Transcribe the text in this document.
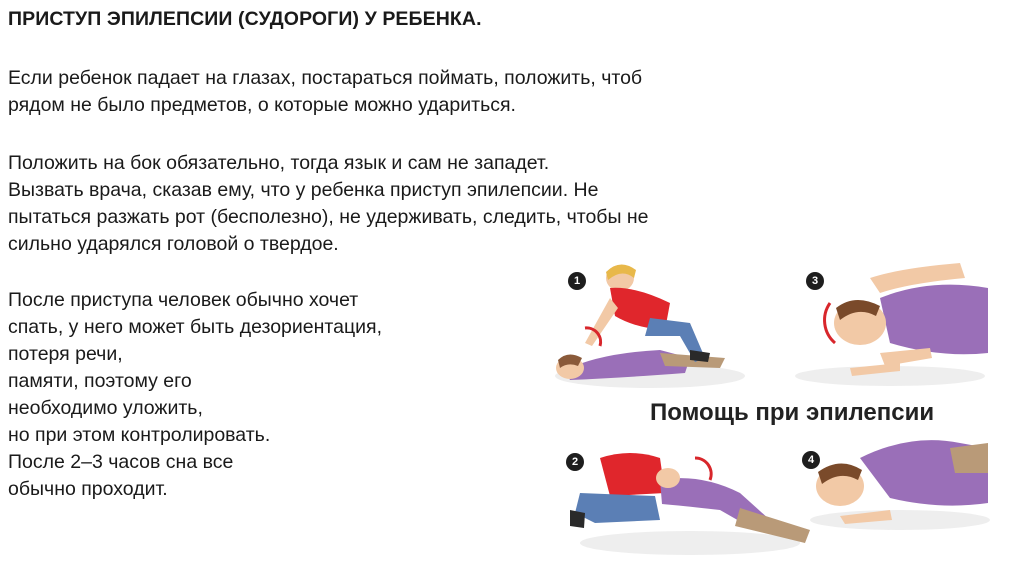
ПРИСТУП ЭПИЛЕПСИИ (СУДОРОГИ) У РЕБЕНКА.
Если ребенок падает на глазах, постараться поймать, положить, чтоб
рядом не было предметов, о которые можно удариться.
Положить на бок обязательно, тогда язык и сам не западет.
Вызвать врача, сказав ему, что у ребенка приступ эпилепсии. Не
пытаться разжать рот (бесполезно), не удерживать, следить, чтобы не
сильно ударялся головой о твердое.
После приступа человек обычно хочет
спать, у него может быть дезориентация,
потеря речи,
памяти, поэтому его
необходимо уложить,
но при этом контролировать.
После 2–3 часов сна все
обычно проходит.
1	3
2	4
Помощь при эпилепсии
